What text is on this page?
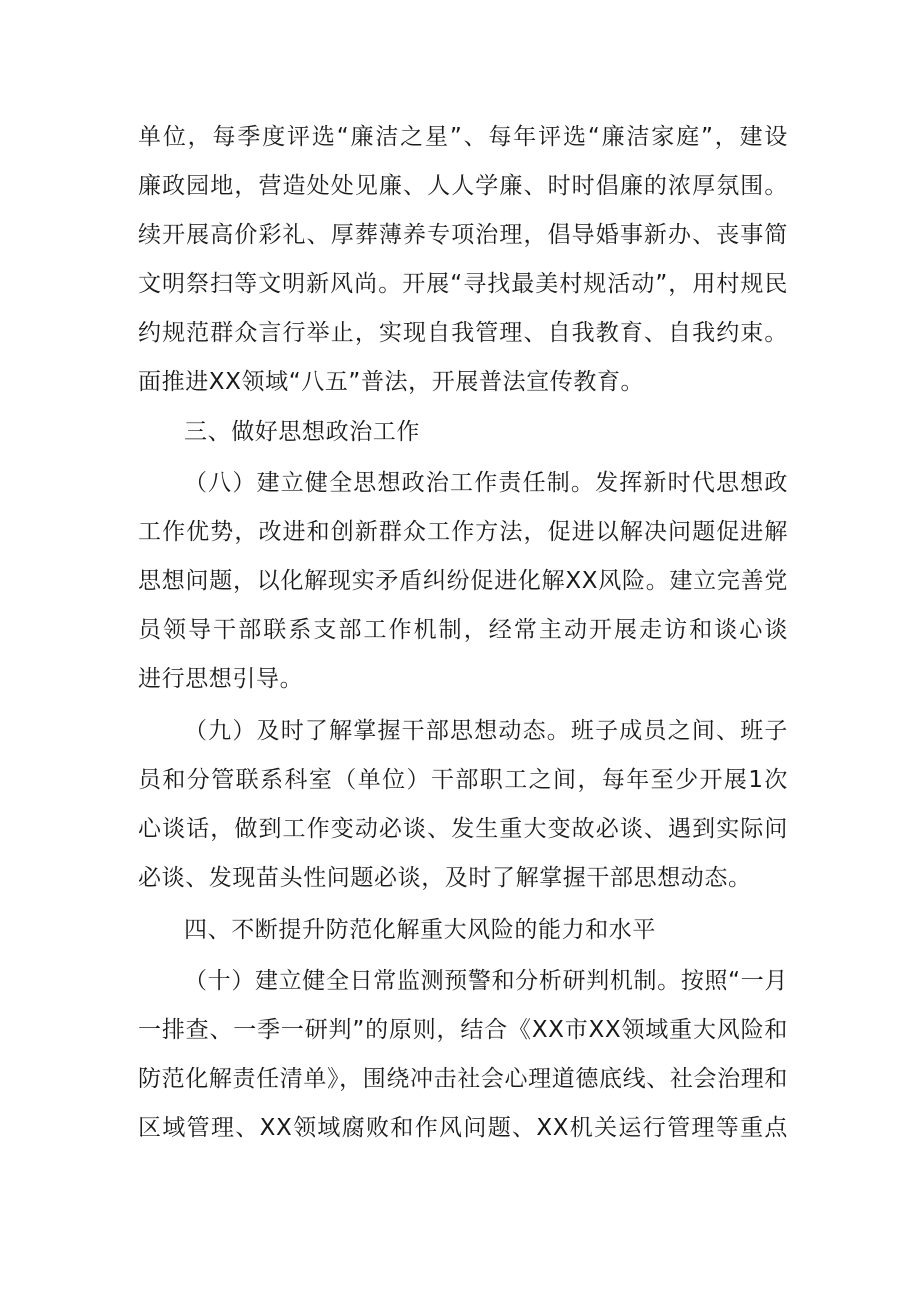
单位，每季度评选“廉洁之星”、每年评选“廉洁家庭”，建设
廉政园地，营造处处见廉、人人学廉、时时倡廉的浓厚氛围。
续开展高价彩礼、厚葬薄养专项治理，倡导婚事新办、丧事简
文明祭扫等文明新风尚。开展“寻找最美村规活动”，用村规民
约规范群众言行举止，实现自我管理、自我教育、自我约束。
面推进XX领域“八五”普法，开展普法宣传教育。
三、做好思想政治工作
（八）建立健全思想政治工作责任制。发挥新时代思想政
工作优势，改进和创新群众工作方法，促进以解决问题促进解
思想问题，以化解现实矛盾纠纷促进化解XX风险。建立完善党
员领导干部联系支部工作机制，经常主动开展走访和谈心谈
进行思想引导。
（九）及时了解掌握干部思想动态。班子成员之间、班子
员和分管联系科室（单位）干部职工之间，每年至少开展1次
心谈话，做到工作变动必谈、发生重大变故必谈、遇到实际问
必谈、发现苗头性问题必谈，及时了解掌握干部思想动态。
四、不断提升防范化解重大风险的能力和水平
（十）建立健全日常监测预警和分析研判机制。按照“一月
一排查、一季一研判”的原则，结合《XX市XX领域重大风险和
防范化解责任清单》，围绕冲击社会心理道德底线、社会治理和
区域管理、XX领域腐败和作风问题、XX机关运行管理等重点
